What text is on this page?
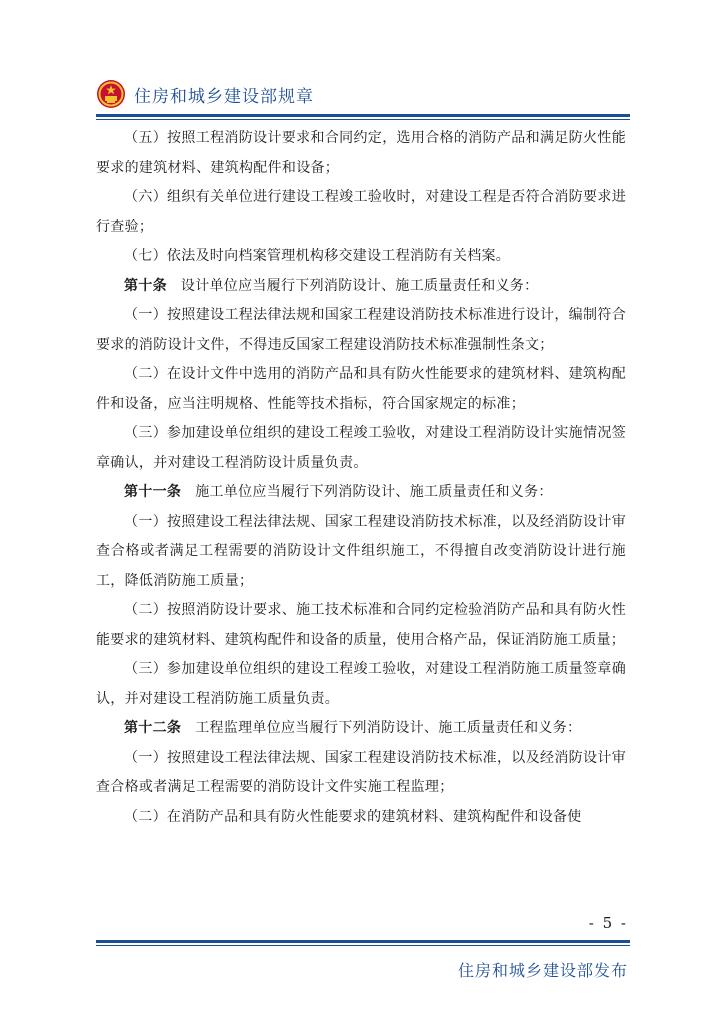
住房和城乡建设部规章

（五）按照工程消防设计要求和合同约定，选用合格的消防产品和满足防火性能要求的建筑材料、建筑构配件和设备；

（六）组织有关单位进行建设工程竣工验收时，对建设工程是否符合消防要求进行查验；

（七）依法及时向档案管理机构移交建设工程消防有关档案。

第十条 设计单位应当履行下列消防设计、施工质量责任和义务：

（一）按照建设工程法律法规和国家工程建设消防技术标准进行设计，编制符合要求的消防设计文件，不得违反国家工程建设消防技术标准强制性条文；

（二）在设计文件中选用的消防产品和具有防火性能要求的建筑材料、建筑构配件和设备，应当注明规格、性能等技术指标，符合国家规定的标准；

（三）参加建设单位组织的建设工程竣工验收，对建设工程消防设计实施情况签章确认，并对建设工程消防设计质量负责。

第十一条 施工单位应当履行下列消防设计、施工质量责任和义务：

（一）按照建设工程法律法规、国家工程建设消防技术标准，以及经消防设计审查合格或者满足工程需要的消防设计文件组织施工，不得擅自改变消防设计进行施工，降低消防施工质量；

（二）按照消防设计要求、施工技术标准和合同约定检验消防产品和具有防火性能要求的建筑材料、建筑构配件和设备的质量，使用合格产品，保证消防施工质量；

（三）参加建设单位组织的建设工程竣工验收，对建设工程消防施工质量签章确认，并对建设工程消防施工质量负责。

第十二条 工程监理单位应当履行下列消防设计、施工质量责任和义务：

（一）按照建设工程法律法规、国家工程建设消防技术标准，以及经消防设计审查合格或者满足工程需要的消防设计文件实施工程监理；

（二）在消防产品和具有防火性能要求的建筑材料、建筑构配件和设备使

- 5 -
住房和城乡建设部发布
